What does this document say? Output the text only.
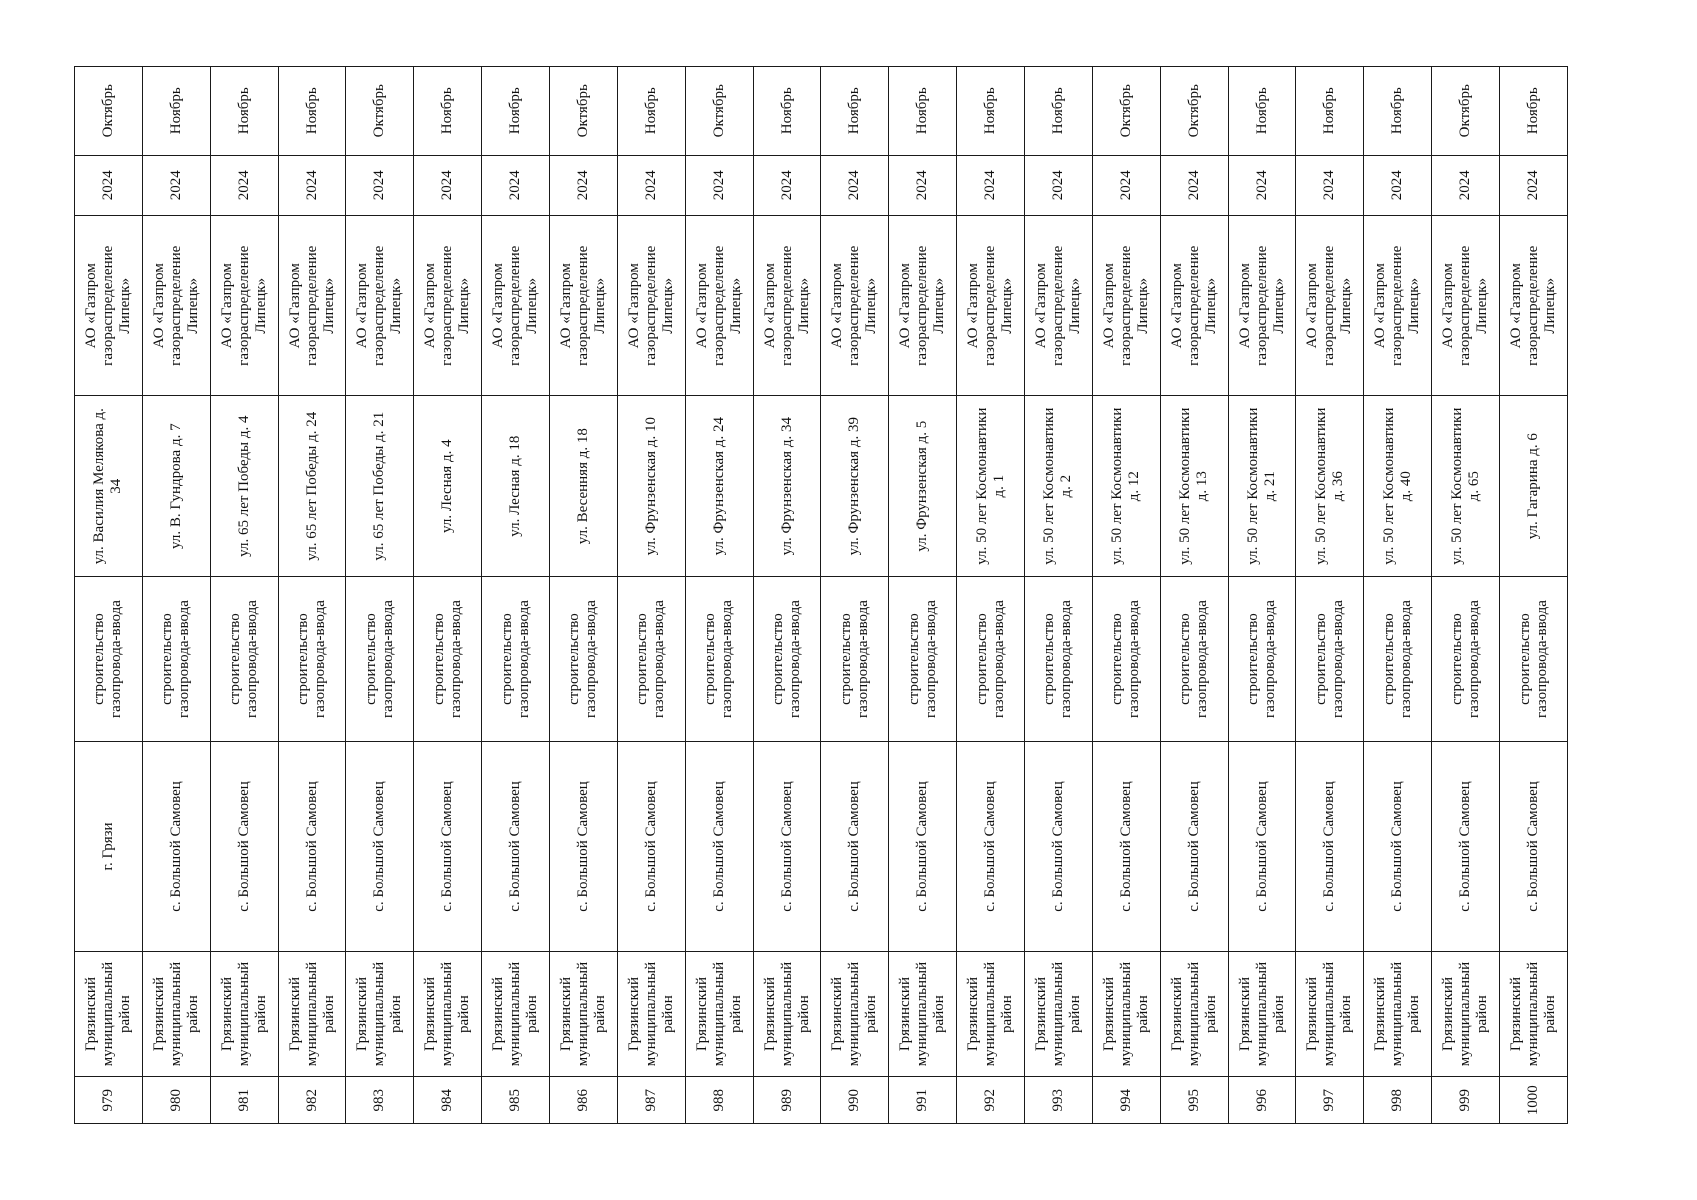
979	Грязинский муниципальный район	г. Грязи	строительство газопровода-ввода	ул. Василия Мелякова д. 34	АО «Газпром газораспределение Липецк»	2024	Октябрь
980	Грязинский муниципальный район	с. Большой Самовец	строительство газопровода-ввода	ул. В. Гундрова д. 7	АО «Газпром газораспределение Липецк»	2024	Ноябрь
981	Грязинский муниципальный район	с. Большой Самовец	строительство газопровода-ввода	ул. 65 лет Победы д. 4	АО «Газпром газораспределение Липецк»	2024	Ноябрь
982	Грязинский муниципальный район	с. Большой Самовец	строительство газопровода-ввода	ул. 65 лет Победы д. 24	АО «Газпром газораспределение Липецк»	2024	Ноябрь
983	Грязинский муниципальный район	с. Большой Самовец	строительство газопровода-ввода	ул. 65 лет Победы д. 21	АО «Газпром газораспределение Липецк»	2024	Октябрь
984	Грязинский муниципальный район	с. Большой Самовец	строительство газопровода-ввода	ул. Лесная д. 4	АО «Газпром газораспределение Липецк»	2024	Ноябрь
985	Грязинский муниципальный район	с. Большой Самовец	строительство газопровода-ввода	ул. Лесная д. 18	АО «Газпром газораспределение Липецк»	2024	Ноябрь
986	Грязинский муниципальный район	с. Большой Самовец	строительство газопровода-ввода	ул. Весенняя д. 18	АО «Газпром газораспределение Липецк»	2024	Октябрь
987	Грязинский муниципальный район	с. Большой Самовец	строительство газопровода-ввода	ул. Фрунзенская д. 10	АО «Газпром газораспределение Липецк»	2024	Ноябрь
988	Грязинский муниципальный район	с. Большой Самовец	строительство газопровода-ввода	ул. Фрунзенская д. 24	АО «Газпром газораспределение Липецк»	2024	Октябрь
989	Грязинский муниципальный район	с. Большой Самовец	строительство газопровода-ввода	ул. Фрунзенская д. 34	АО «Газпром газораспределение Липецк»	2024	Ноябрь
990	Грязинский муниципальный район	с. Большой Самовец	строительство газопровода-ввода	ул. Фрунзенская д. 39	АО «Газпром газораспределение Липецк»	2024	Ноябрь
991	Грязинский муниципальный район	с. Большой Самовец	строительство газопровода-ввода	ул. Фрунзенская д. 5	АО «Газпром газораспределение Липецк»	2024	Ноябрь
992	Грязинский муниципальный район	с. Большой Самовец	строительство газопровода-ввода	ул. 50 лет Космонавтики д. 1	АО «Газпром газораспределение Липецк»	2024	Ноябрь
993	Грязинский муниципальный район	с. Большой Самовец	строительство газопровода-ввода	ул. 50 лет Космонавтики д. 2	АО «Газпром газораспределение Липецк»	2024	Ноябрь
994	Грязинский муниципальный район	с. Большой Самовец	строительство газопровода-ввода	ул. 50 лет Космонавтики д. 12	АО «Газпром газораспределение Липецк»	2024	Октябрь
995	Грязинский муниципальный район	с. Большой Самовец	строительство газопровода-ввода	ул. 50 лет Космонавтики д. 13	АО «Газпром газораспределение Липецк»	2024	Октябрь
996	Грязинский муниципальный район	с. Большой Самовец	строительство газопровода-ввода	ул. 50 лет Космонавтики д. 21	АО «Газпром газораспределение Липецк»	2024	Ноябрь
997	Грязинский муниципальный район	с. Большой Самовец	строительство газопровода-ввода	ул. 50 лет Космонавтики д. 36	АО «Газпром газораспределение Липецк»	2024	Ноябрь
998	Грязинский муниципальный район	с. Большой Самовец	строительство газопровода-ввода	ул. 50 лет Космонавтики д. 40	АО «Газпром газораспределение Липецк»	2024	Ноябрь
999	Грязинский муниципальный район	с. Большой Самовец	строительство газопровода-ввода	ул. 50 лет Космонавтики д. 65	АО «Газпром газораспределение Липецк»	2024	Октябрь
1000	Грязинский муниципальный район	с. Большой Самовец	строительство газопровода-ввода	ул. Гагарина д. 6	АО «Газпром газораспределение Липецк»	2024	Ноябрь
